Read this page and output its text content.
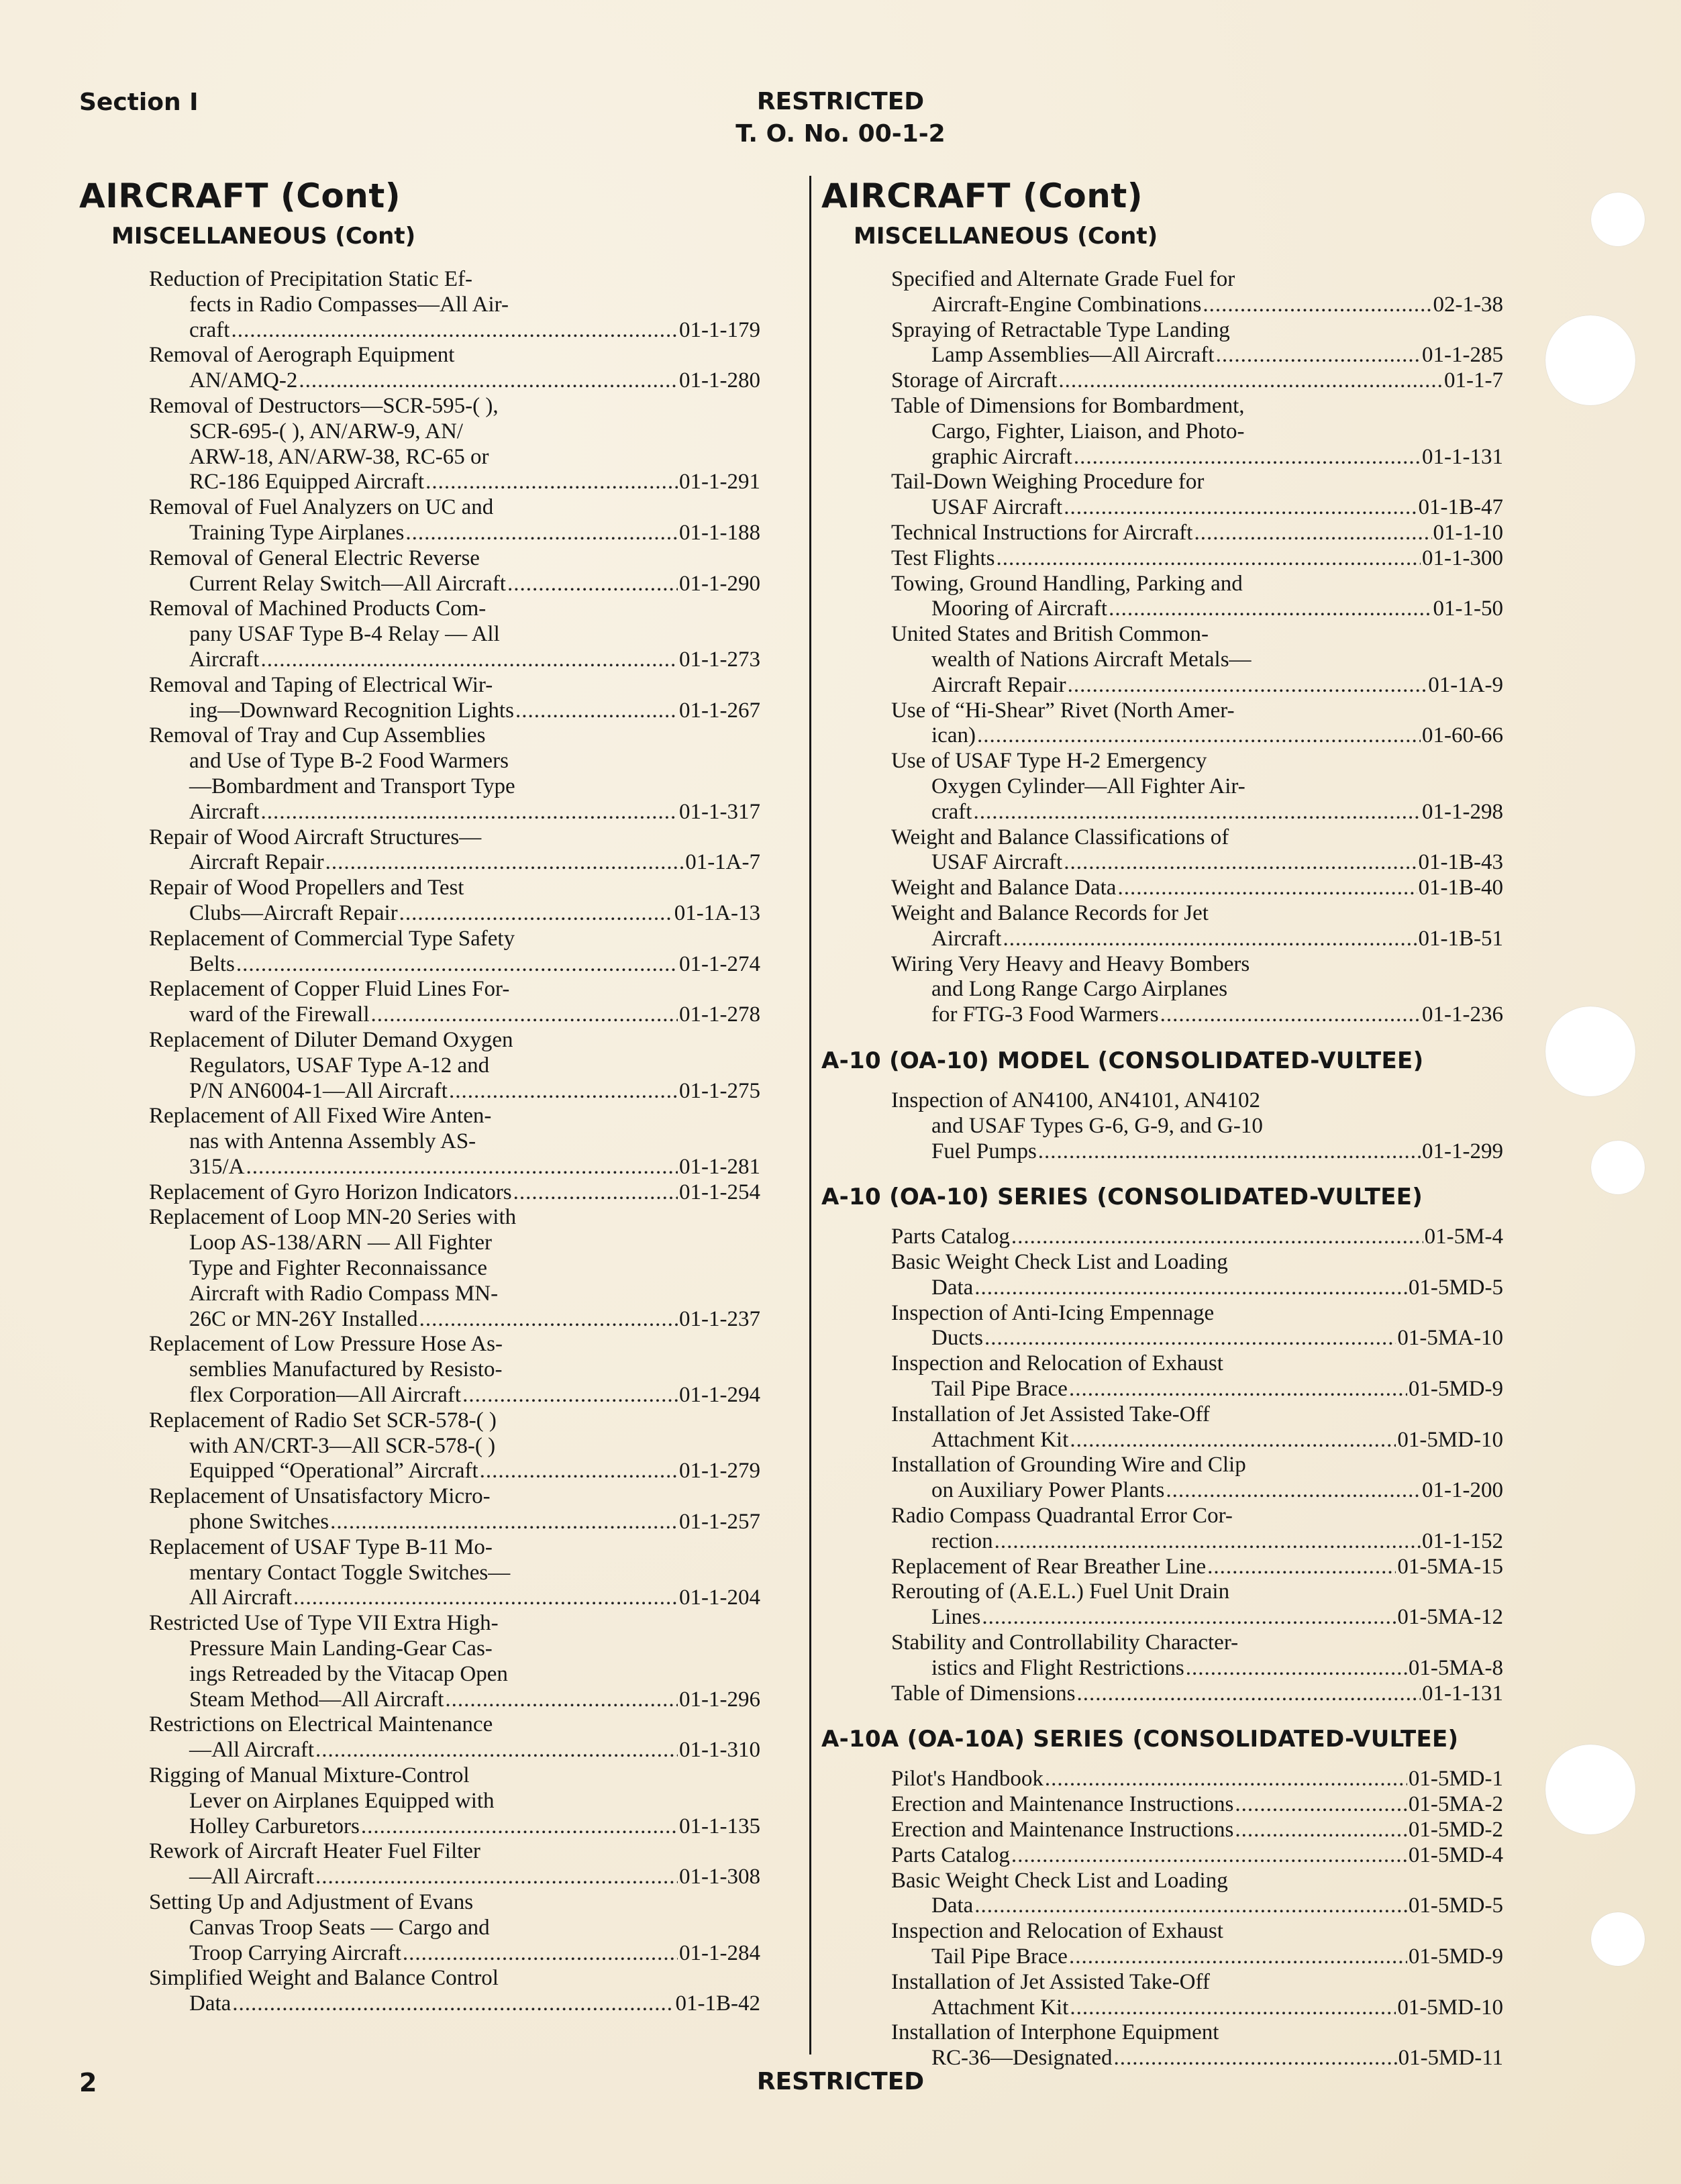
Section I	RESTRICTED
T. O. No. 00-1-2
AIRCRAFT (Cont)
MISCELLANEOUS (Cont)
Reduction of Precipitation Static Ef-
fects in Radio Compasses—All Air-
craft .....	01-1-179
Removal of Aerograph Equipment
AN/AMQ-2 .....	01-1-280
Removal of Destructors—SCR-595-( ),
SCR-695-( ), AN/ARW-9, AN/
ARW-18, AN/ARW-38, RC-65 or
RC-186 Equipped Aircraft .....	01-1-291
Removal of Fuel Analyzers on UC and
Training Type Airplanes .....	01-1-188
Removal of General Electric Reverse
Current Relay Switch—All Aircraft .....	01-1-290
Removal of Machined Products Com-
pany USAF Type B-4 Relay — All
Aircraft .....	01-1-273
Removal and Taping of Electrical Wir-
ing—Downward Recognition Lights .....	01-1-267
Removal of Tray and Cup Assemblies
and Use of Type B-2 Food Warmers
—Bombardment and Transport Type
Aircraft .....	01-1-317
Repair of Wood Aircraft Structures—
Aircraft Repair .....	01-1A-7
Repair of Wood Propellers and Test
Clubs—Aircraft Repair .....	01-1A-13
Replacement of Commercial Type Safety
Belts .....	01-1-274
Replacement of Copper Fluid Lines For-
ward of the Firewall .....	01-1-278
Replacement of Diluter Demand Oxygen
Regulators, USAF Type A-12 and
P/N AN6004-1—All Aircraft .....	01-1-275
Replacement of All Fixed Wire Anten-
nas with Antenna Assembly AS-
315/A .....	01-1-281
Replacement of Gyro Horizon Indicators .....	01-1-254
Replacement of Loop MN-20 Series with
Loop AS-138/ARN — All Fighter
Type and Fighter Reconnaissance
Aircraft with Radio Compass MN-
26C or MN-26Y Installed .....	01-1-237
Replacement of Low Pressure Hose As-
semblies Manufactured by Resisto-
flex Corporation—All Aircraft .....	01-1-294
Replacement of Radio Set SCR-578-( )
with AN/CRT-3—All SCR-578-( )
Equipped “Operational” Aircraft .....	01-1-279
Replacement of Unsatisfactory Micro-
phone Switches .....	01-1-257
Replacement of USAF Type B-11 Mo-
mentary Contact Toggle Switches—
All Aircraft .....	01-1-204
Restricted Use of Type VII Extra High-
Pressure Main Landing-Gear Cas-
ings Retreaded by the Vitacap Open
Steam Method—All Aircraft .....	01-1-296
Restrictions on Electrical Maintenance
—All Aircraft .....	01-1-310
Rigging of Manual Mixture-Control
Lever on Airplanes Equipped with
Holley Carburetors .....	01-1-135
Rework of Aircraft Heater Fuel Filter
—All Aircraft .....	01-1-308
Setting Up and Adjustment of Evans
Canvas Troop Seats — Cargo and
Troop Carrying Aircraft .....	01-1-284
Simplified Weight and Balance Control
Data .....	01-1B-42
AIRCRAFT (Cont)
MISCELLANEOUS (Cont)
Specified and Alternate Grade Fuel for
Aircraft-Engine Combinations .....	02-1-38
Spraying of Retractable Type Landing
Lamp Assemblies—All Aircraft .....	01-1-285
Storage of Aircraft .....	01-1-7
Table of Dimensions for Bombardment,
Cargo, Fighter, Liaison, and Photo-
graphic Aircraft .....	01-1-131
Tail-Down Weighing Procedure for
USAF Aircraft .....	01-1B-47
Technical Instructions for Aircraft .....	01-1-10
Test Flights .....	01-1-300
Towing, Ground Handling, Parking and
Mooring of Aircraft .....	01-1-50
United States and British Common-
wealth of Nations Aircraft Metals—
Aircraft Repair .....	01-1A-9
Use of “Hi-Shear” Rivet (North Amer-
ican) .....	01-60-66
Use of USAF Type H-2 Emergency
Oxygen Cylinder—All Fighter Air-
craft .....	01-1-298
Weight and Balance Classifications of
USAF Aircraft .....	01-1B-43
Weight and Balance Data .....	01-1B-40
Weight and Balance Records for Jet
Aircraft .....	01-1B-51
Wiring Very Heavy and Heavy Bombers
and Long Range Cargo Airplanes
for FTG-3 Food Warmers .....	01-1-236
A-10 (OA-10) MODEL (CONSOLIDATED-VULTEE)
Inspection of AN4100, AN4101, AN4102
and USAF Types G-6, G-9, and G-10
Fuel Pumps .....	01-1-299
A-10 (OA-10) SERIES (CONSOLIDATED-VULTEE)
Parts Catalog .....	01-5M-4
Basic Weight Check List and Loading
Data .....	01-5MD-5
Inspection of Anti-Icing Empennage
Ducts .....	01-5MA-10
Inspection and Relocation of Exhaust
Tail Pipe Brace .....	01-5MD-9
Installation of Jet Assisted Take-Off
Attachment Kit .....	01-5MD-10
Installation of Grounding Wire and Clip
on Auxiliary Power Plants .....	01-1-200
Radio Compass Quadrantal Error Cor-
rection .....	01-1-152
Replacement of Rear Breather Line .....	01-5MA-15
Rerouting of (A.E.L.) Fuel Unit Drain
Lines .....	01-5MA-12
Stability and Controllability Character-
istics and Flight Restrictions .....	01-5MA-8
Table of Dimensions .....	01-1-131
A-10A (OA-10A) SERIES (CONSOLIDATED-VULTEE)
Pilot's Handbook .....	01-5MD-1
Erection and Maintenance Instructions .....	01-5MA-2
Erection and Maintenance Instructions .....	01-5MD-2
Parts Catalog .....	01-5MD-4
Basic Weight Check List and Loading
Data .....	01-5MD-5
Inspection and Relocation of Exhaust
Tail Pipe Brace .....	01-5MD-9
Installation of Jet Assisted Take-Off
Attachment Kit .....	01-5MD-10
Installation of Interphone Equipment
RC-36—Designated .....	01-5MD-11
2	RESTRICTED
